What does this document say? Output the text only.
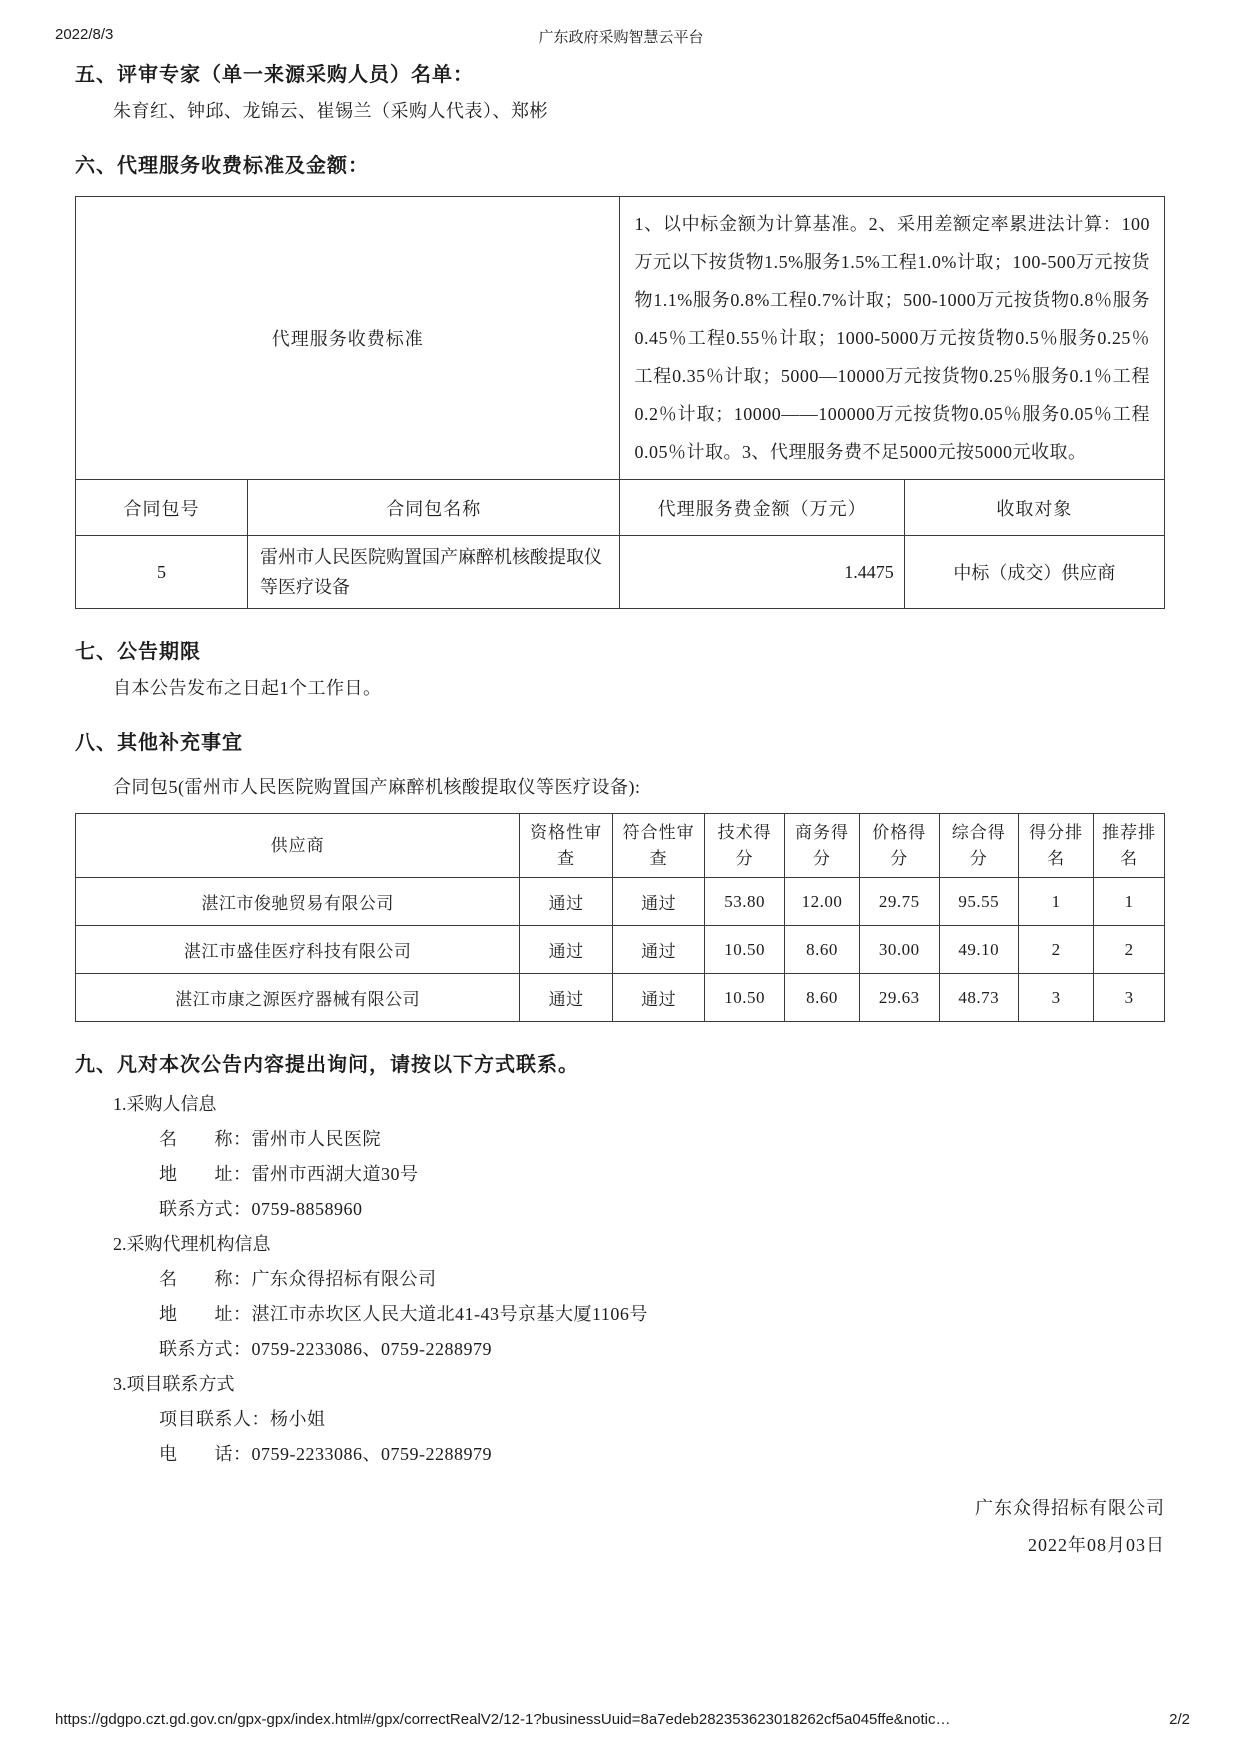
2022/8/3	广东政府采购智慧云平台
五、评审专家（单一来源采购人员）名单：
朱育红、钟邱、龙锦云、崔锡兰（采购人代表）、郑彬
六、代理服务收费标准及金额：
代理服务收费标准		1、以中标金额为计算基准。2、采用差额定率累进法计算：100万元以下按货物1.5%服务1.5%工程1.0%计取；100-500万元按货物1.1%服务0.8%工程0.7%计取；500-1000万元按货物0.8％服务0.45％工程0.55％计取；1000-5000万元按货物0.5％服务0.25％工程0.35％计取；5000—10000万元按货物0.25％服务0.1％工程0.2％计取；10000——100000万元按货物0.05％服务0.05％工程0.05％计取。3、代理服务费不足5000元按5000元收取。	
合同包号	合同包名称	代理服务费金额（万元）	收取对象
5	雷州市人民医院购置国产麻醉机核酸提取仪等医疗设备	1.4475	中标（成交）供应商
七、公告期限
自本公告发布之日起1个工作日。
八、其他补充事宜
合同包5(雷州市人民医院购置国产麻醉机核酸提取仪等医疗设备):
供应商	资格性审查	符合性审查	技术得分	商务得分	价格得分	综合得分	得分排名	推荐排名
湛江市俊驰贸易有限公司	通过	通过	53.80	12.00	29.75	95.55	1	1
湛江市盛佳医疗科技有限公司	通过	通过	10.50	8.60	30.00	49.10	2	2
湛江市康之源医疗器械有限公司	通过	通过	10.50	8.60	29.63	48.73	3	3
九、凡对本次公告内容提出询问，请按以下方式联系。
1.采购人信息
名　　称：雷州市人民医院
地　　址：雷州市西湖大道30号
联系方式：0759-8858960
2.采购代理机构信息
名　　称：广东众得招标有限公司
地　　址：湛江市赤坎区人民大道北41-43号京基大厦1106号
联系方式：0759-2233086、0759-2288979
3.项目联系方式
项目联系人：杨小姐
电　　话：0759-2233086、0759-2288979
广东众得招标有限公司
2022年08月03日
https://gdgpo.czt.gd.gov.cn/gpx-gpx/index.html#/gpx/correctRealV2/12-1?businessUuid=8a7edeb282353623018262cf5a045ffe&notic…	2/2
